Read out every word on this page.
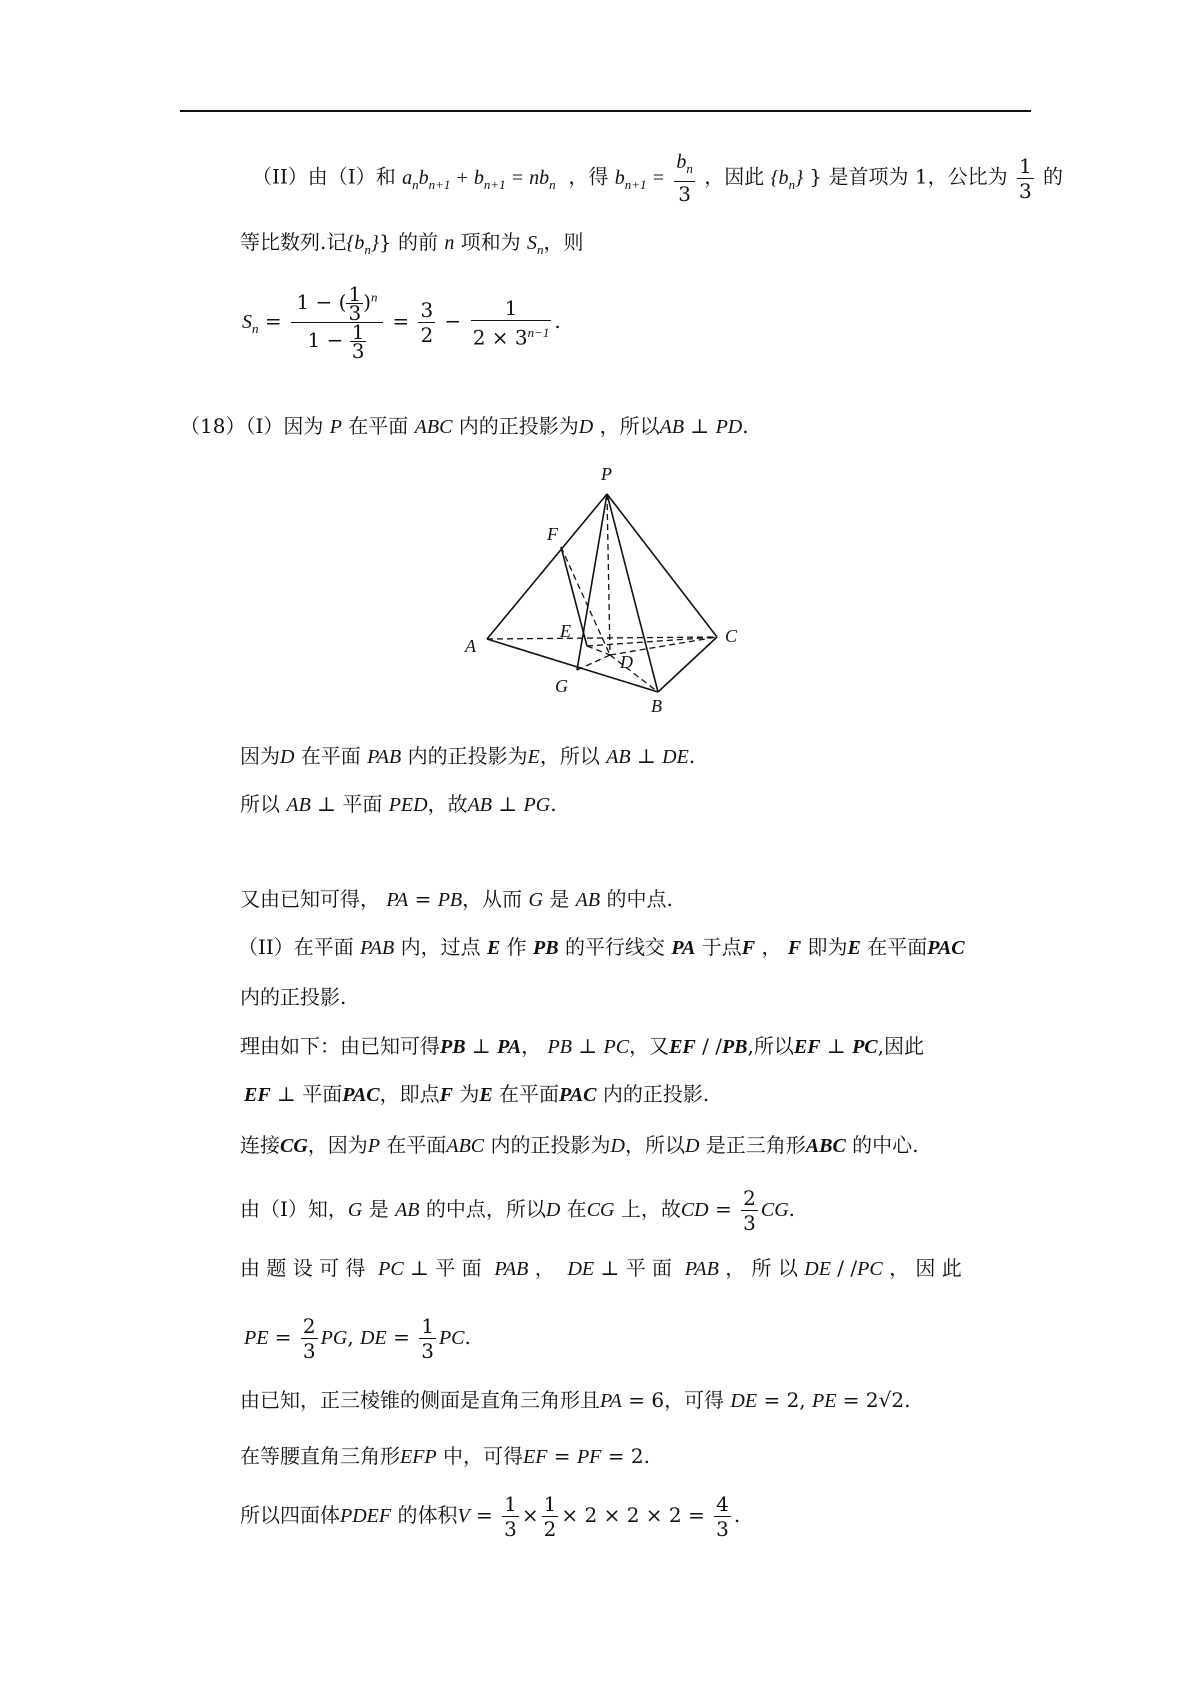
（II）由（I）和 $a_nb_{n+1} + b_{n+1} = nb_n$ ，得 $b_{n+1} = \frac{b_n}{3}$ ，因此 $\{b_n\}$ } 是首项为 1，公比为 $\frac{1}{3}$ 的
等比数列.记$\{b_n\}$} 的前 n 项和为 $S_n$，则
$S_n = \frac{1 - ( \frac{1}{3} )^n}{1 - \frac{1}{3}} = \frac{3}{2} - \frac{1}{2 \times 3^{n-1}}$ .
（18）（I）因为 P 在平面 ABC 内的正投影为D ，所以AB ⊥ PD.
P
F
E
A
D
C
G
B
因为D 在平面 PAB 内的正投影为E，所以 AB ⊥ DE.
所以 AB ⊥ 平面 PED，故AB ⊥ PG.
又由已知可得， PA = PB，从而 G 是 AB 的中点.
（II）在平面 PAB 内，过点 E 作 PB 的平行线交 PA 于点F ， F 即为E 在平面PAC
内的正投影.
理由如下：由已知可得PB ⊥ PA， PB ⊥ PC，又EF / /PB,所以EF ⊥ PC,因此
EF ⊥ 平面PAC，即点F 为E 在平面PAC 内的正投影.
连接CG，因为P 在平面ABC 内的正投影为D，所以D 是正三角形ABC 的中心.
由（I）知，G 是 AB 的中点，所以D 在CG 上，故CD = $\frac{2}{3}$ CG.
由 题 设 可 得 PC ⊥ 平 面 PAB ， DE ⊥ 平 面 PAB ， 所 以 DE / /PC ， 因 此
PE = $\frac{2}{3}$ PG, DE = $\frac{1}{3}$ PC.
由已知，正三棱锥的侧面是直角三角形且PA = 6，可得 DE = 2, PE = 2√2.
在等腰直角三角形EFP 中，可得EF = PF = 2.
所以四面体PDEF 的体积$V = \frac{1}{3} \times \frac{1}{2} \times 2 \times 2 \times 2 = \frac{4}{3}$ .
